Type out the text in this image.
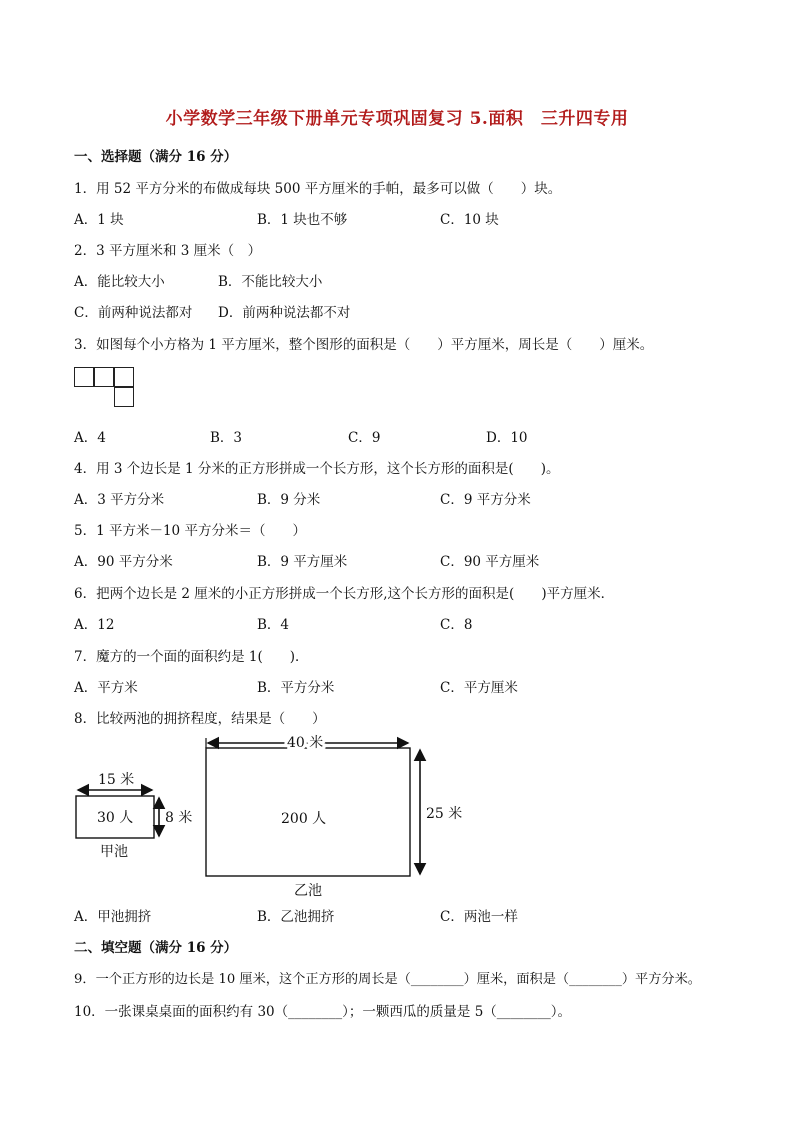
小学数学三年级下册单元专项巩固复习 5.面积　三升四专用
一、选择题（满分 16 分）
1．用 52 平方分米的布做成每块 500 平方厘米的手帕，最多可以做（　　）块。
A．1 块	B．1 块也不够	C．10 块
2．3 平方厘米和 3 厘米（　）
A．能比较大小	B．不能比较大小
C．前两种说法都对 D．前两种说法都不对
3．如图每个小方格为 1 平方厘米，整个图形的面积是（　　）平方厘米，周长是（　　）厘米。
A．4	B．3	C．9	D．10
4．用 3 个边长是 1 分米的正方形拼成一个长方形，这个长方形的面积是(　　)。
A．3 平方分米	B．9 分米	C．9 平方分米
5．1 平方米－10 平方分米＝（　　）
A．90 平方分米	B．9 平方厘米	C．90 平方厘米
6．把两个边长是 2 厘米的小正方形拼成一个长方形,这个长方形的面积是(　　)平方厘米．
A．12	B．4	C．8
7．魔方的一个面的面积约是 1(　　)．
A．平方米	B．平方分米	C．平方厘米
8．比较两池的拥挤程度，结果是（　　）
15 米
8 米
30 人
甲池
40 米
25 米
200 人
乙池
A．甲池拥挤	B．乙池拥挤	C．两池一样
二、填空题（满分 16 分）
9．一个正方形的边长是 10 厘米，这个正方形的周长是（________）厘米，面积是（________）平方分米。
10．一张课桌桌面的面积约有 30（________）；一颗西瓜的质量是 5（________）。
